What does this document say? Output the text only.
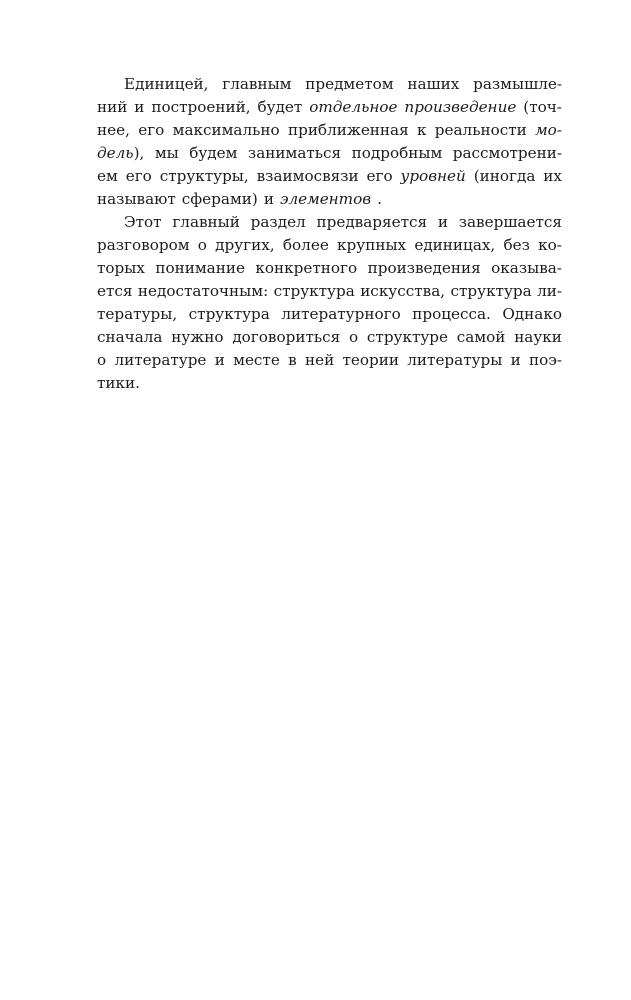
Единицей, главным предметом наших размышле-
ний и построений, будет отдельное произведение (точ-
нее, его максимально приближенная к реальности мо-
дель), мы будем заниматься подробным рассмотрени-
ем его структуры, взаимосвязи его уровней (иногда их
называют сферами) и элементов .
Этот главный раздел предваряется и завершается
разговором о других, более крупных единицах, без ко-
торых понимание конкретного произведения оказыва-
ется недостаточным: структура искусства, структура ли-
тературы, структура литературного процесса. Однако
сначала нужно договориться о структуре самой науки
о литературе и месте в ней теории литературы и поэ-
тики.
